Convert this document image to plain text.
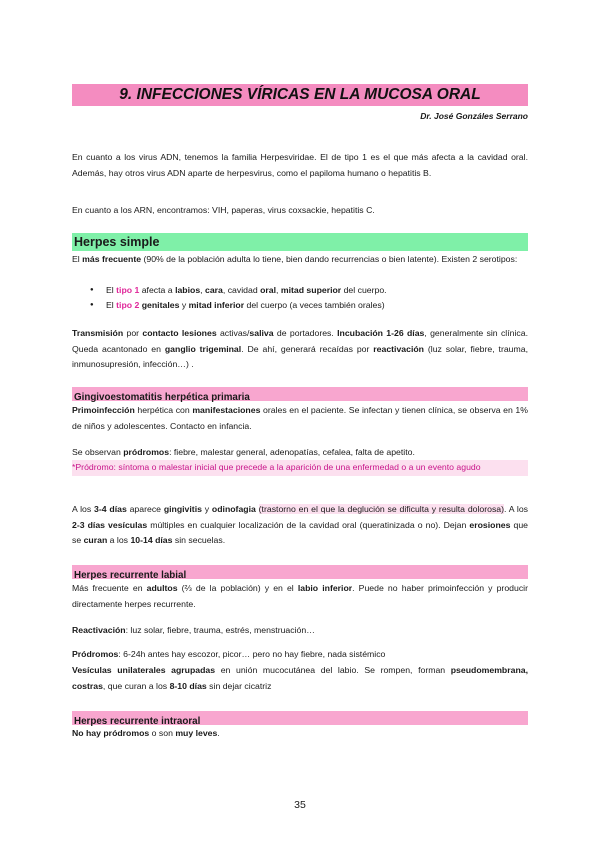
9. INFECCIONES VÍRICAS EN LA MUCOSA ORAL
Dr. José Gonzáles Serrano
En cuanto a los virus ADN, tenemos la familia Herpesviridae. El de tipo 1 es el que más afecta a la cavidad oral. Además, hay otros virus ADN aparte de herpesvirus, como el papiloma humano o hepatitis B.
En cuanto a los ARN, encontramos: VIH, paperas, virus coxsackie, hepatitis C.
Herpes simple
El más frecuente (90% de la población adulta lo tiene, bien dando recurrencias o bien latente). Existen 2 serotipos:
● El tipo 1 afecta a labios, cara, cavidad oral, mitad superior del cuerpo.
● El tipo 2 genitales y mitad inferior del cuerpo (a veces también orales)
Transmisión por contacto lesiones activas/saliva de portadores. Incubación 1-26 días, generalmente sin clínica. Queda acantonado en ganglio trigeminal. De ahí, generará recaídas por reactivación (luz solar, fiebre, trauma, inmunosupresión, infección…) .
Gingivoestomatitis herpética primaria
Primoinfección herpética con manifestaciones orales en el paciente. Se infectan y tienen clínica, se observa en 1% de niños y adolescentes. Contacto en infancia.
Se observan pródromos: fiebre, malestar general, adenopatías, cefalea, falta de apetito.
*Pródromo: síntoma o malestar inicial que precede a la aparición de una enfermedad o a un evento agudo
A los 3-4 días aparece gingivitis y odinofagia (trastorno en el que la deglución se dificulta y resulta dolorosa). A los 2-3 días vesículas múltiples en cualquier localización de la cavidad oral (queratinizada o no). Dejan erosiones que se curan a los 10-14 días sin secuelas.
Herpes recurrente labial
Más frecuente en adultos (⅔ de la población) y en el labio inferior. Puede no haber primoinfección y producir directamente herpes recurrente.
Reactivación: luz solar, fiebre, trauma, estrés, menstruación…
Pródromos: 6-24h antes hay escozor, picor… pero no hay fiebre, nada sistémico
Vesículas unilaterales agrupadas en unión mucocutánea del labio. Se rompen, forman pseudomembrana, costras, que curan a los 8-10 días sin dejar cicatriz
Herpes recurrente intraoral
No hay pródromos o son muy leves.
35
